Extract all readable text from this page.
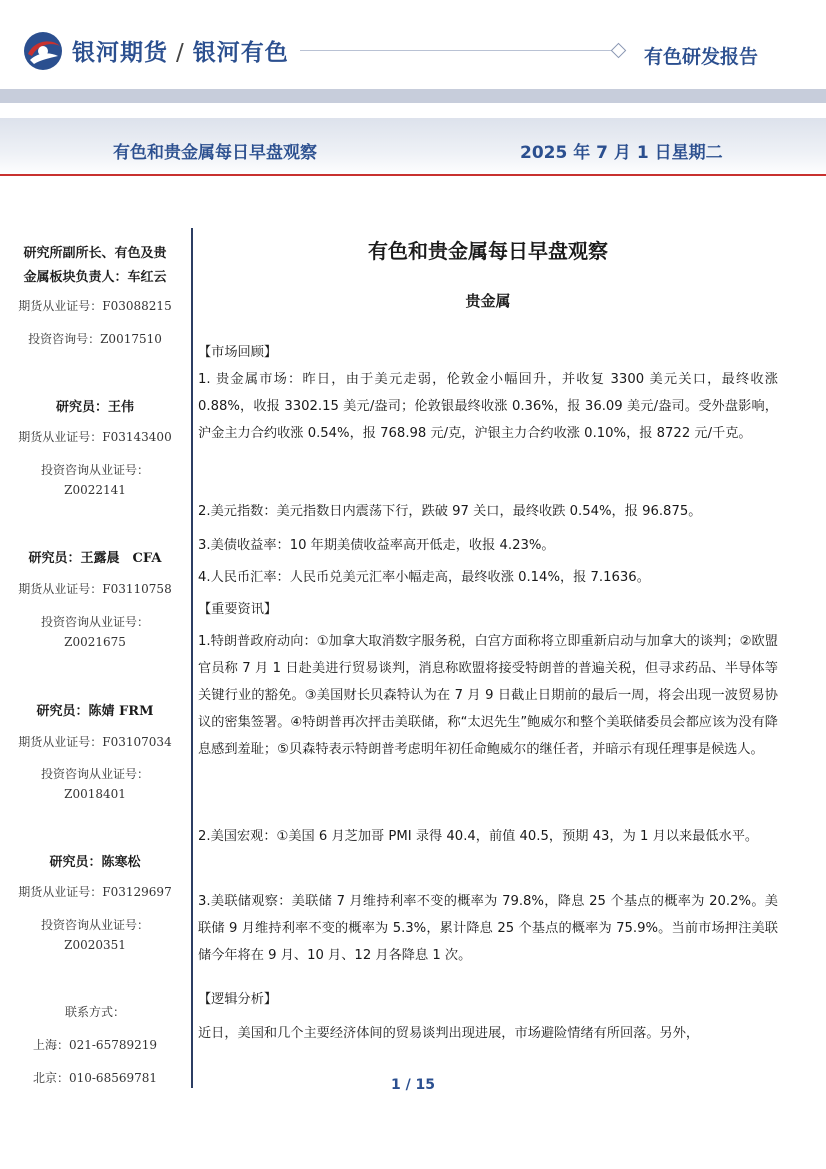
银河期货 / 银河有色	有色研发报告
有色和贵金属每日早盘观察	2025 年 7 月 1 日星期二
研究所副所长、有色及贵
金属板块负责人：车红云
期货从业证号：F03088215
投资咨询号：Z0017510
研究员：王伟
期货从业证号：F03143400
投资咨询从业证号：
Z0022141
研究员：王露晨　CFA
期货从业证号：F03110758
投资咨询从业证号：
Z0021675
研究员：陈婧 FRM
期货从业证号：F03107034
投资咨询从业证号：
Z0018401
研究员：陈寒松
期货从业证号：F03129697
投资咨询从业证号：
Z0020351
联系方式：
上海：021-65789219
北京：010-68569781
有色和贵金属每日早盘观察
贵金属
【市场回顾】
1. 贵金属市场：昨日，由于美元走弱，伦敦金小幅回升，并收复 3300 美元关口，最终收涨 0.88%，收报 3302.15 美元/盎司；伦敦银最终收涨 0.36%，报 36.09 美元/盎司。受外盘影响，沪金主力合约收涨 0.54%，报 768.98 元/克，沪银主力合约收涨 0.10%，报 8722 元/千克。
2.美元指数：美元指数日内震荡下行，跌破 97 关口，最终收跌 0.54%，报 96.875。
3.美债收益率：10 年期美债收益率高开低走，收报 4.23%。
4.人民币汇率：人民币兑美元汇率小幅走高，最终收涨 0.14%，报 7.1636。
【重要资讯】
1.特朗普政府动向：①加拿大取消数字服务税，白宫方面称将立即重新启动与加拿大的谈判；②欧盟官员称 7 月 1 日赴美进行贸易谈判，消息称欧盟将接受特朗普的普遍关税，但寻求药品、半导体等关键行业的豁免。③美国财长贝森特认为在 7 月 9 日截止日期前的最后一周，将会出现一波贸易协议的密集签署。④特朗普再次抨击美联储，称“太迟先生”鲍威尔和整个美联储委员会都应该为没有降息感到羞耻；⑤贝森特表示特朗普考虑明年初任命鲍威尔的继任者，并暗示有现任理事是候选人。
2.美国宏观：①美国 6 月芝加哥 PMI 录得 40.4，前值 40.5，预期 43，为 1 月以来最低水平。
3.美联储观察：美联储 7 月维持利率不变的概率为 79.8%，降息 25 个基点的概率为 20.2%。美联储 9 月维持利率不变的概率为 5.3%，累计降息 25 个基点的概率为 75.9%。当前市场押注美联储今年将在 9 月、10 月、12 月各降息 1 次。
【逻辑分析】
近日，美国和几个主要经济体间的贸易谈判出现进展，市场避险情绪有所回落。另外，
1 / 15
